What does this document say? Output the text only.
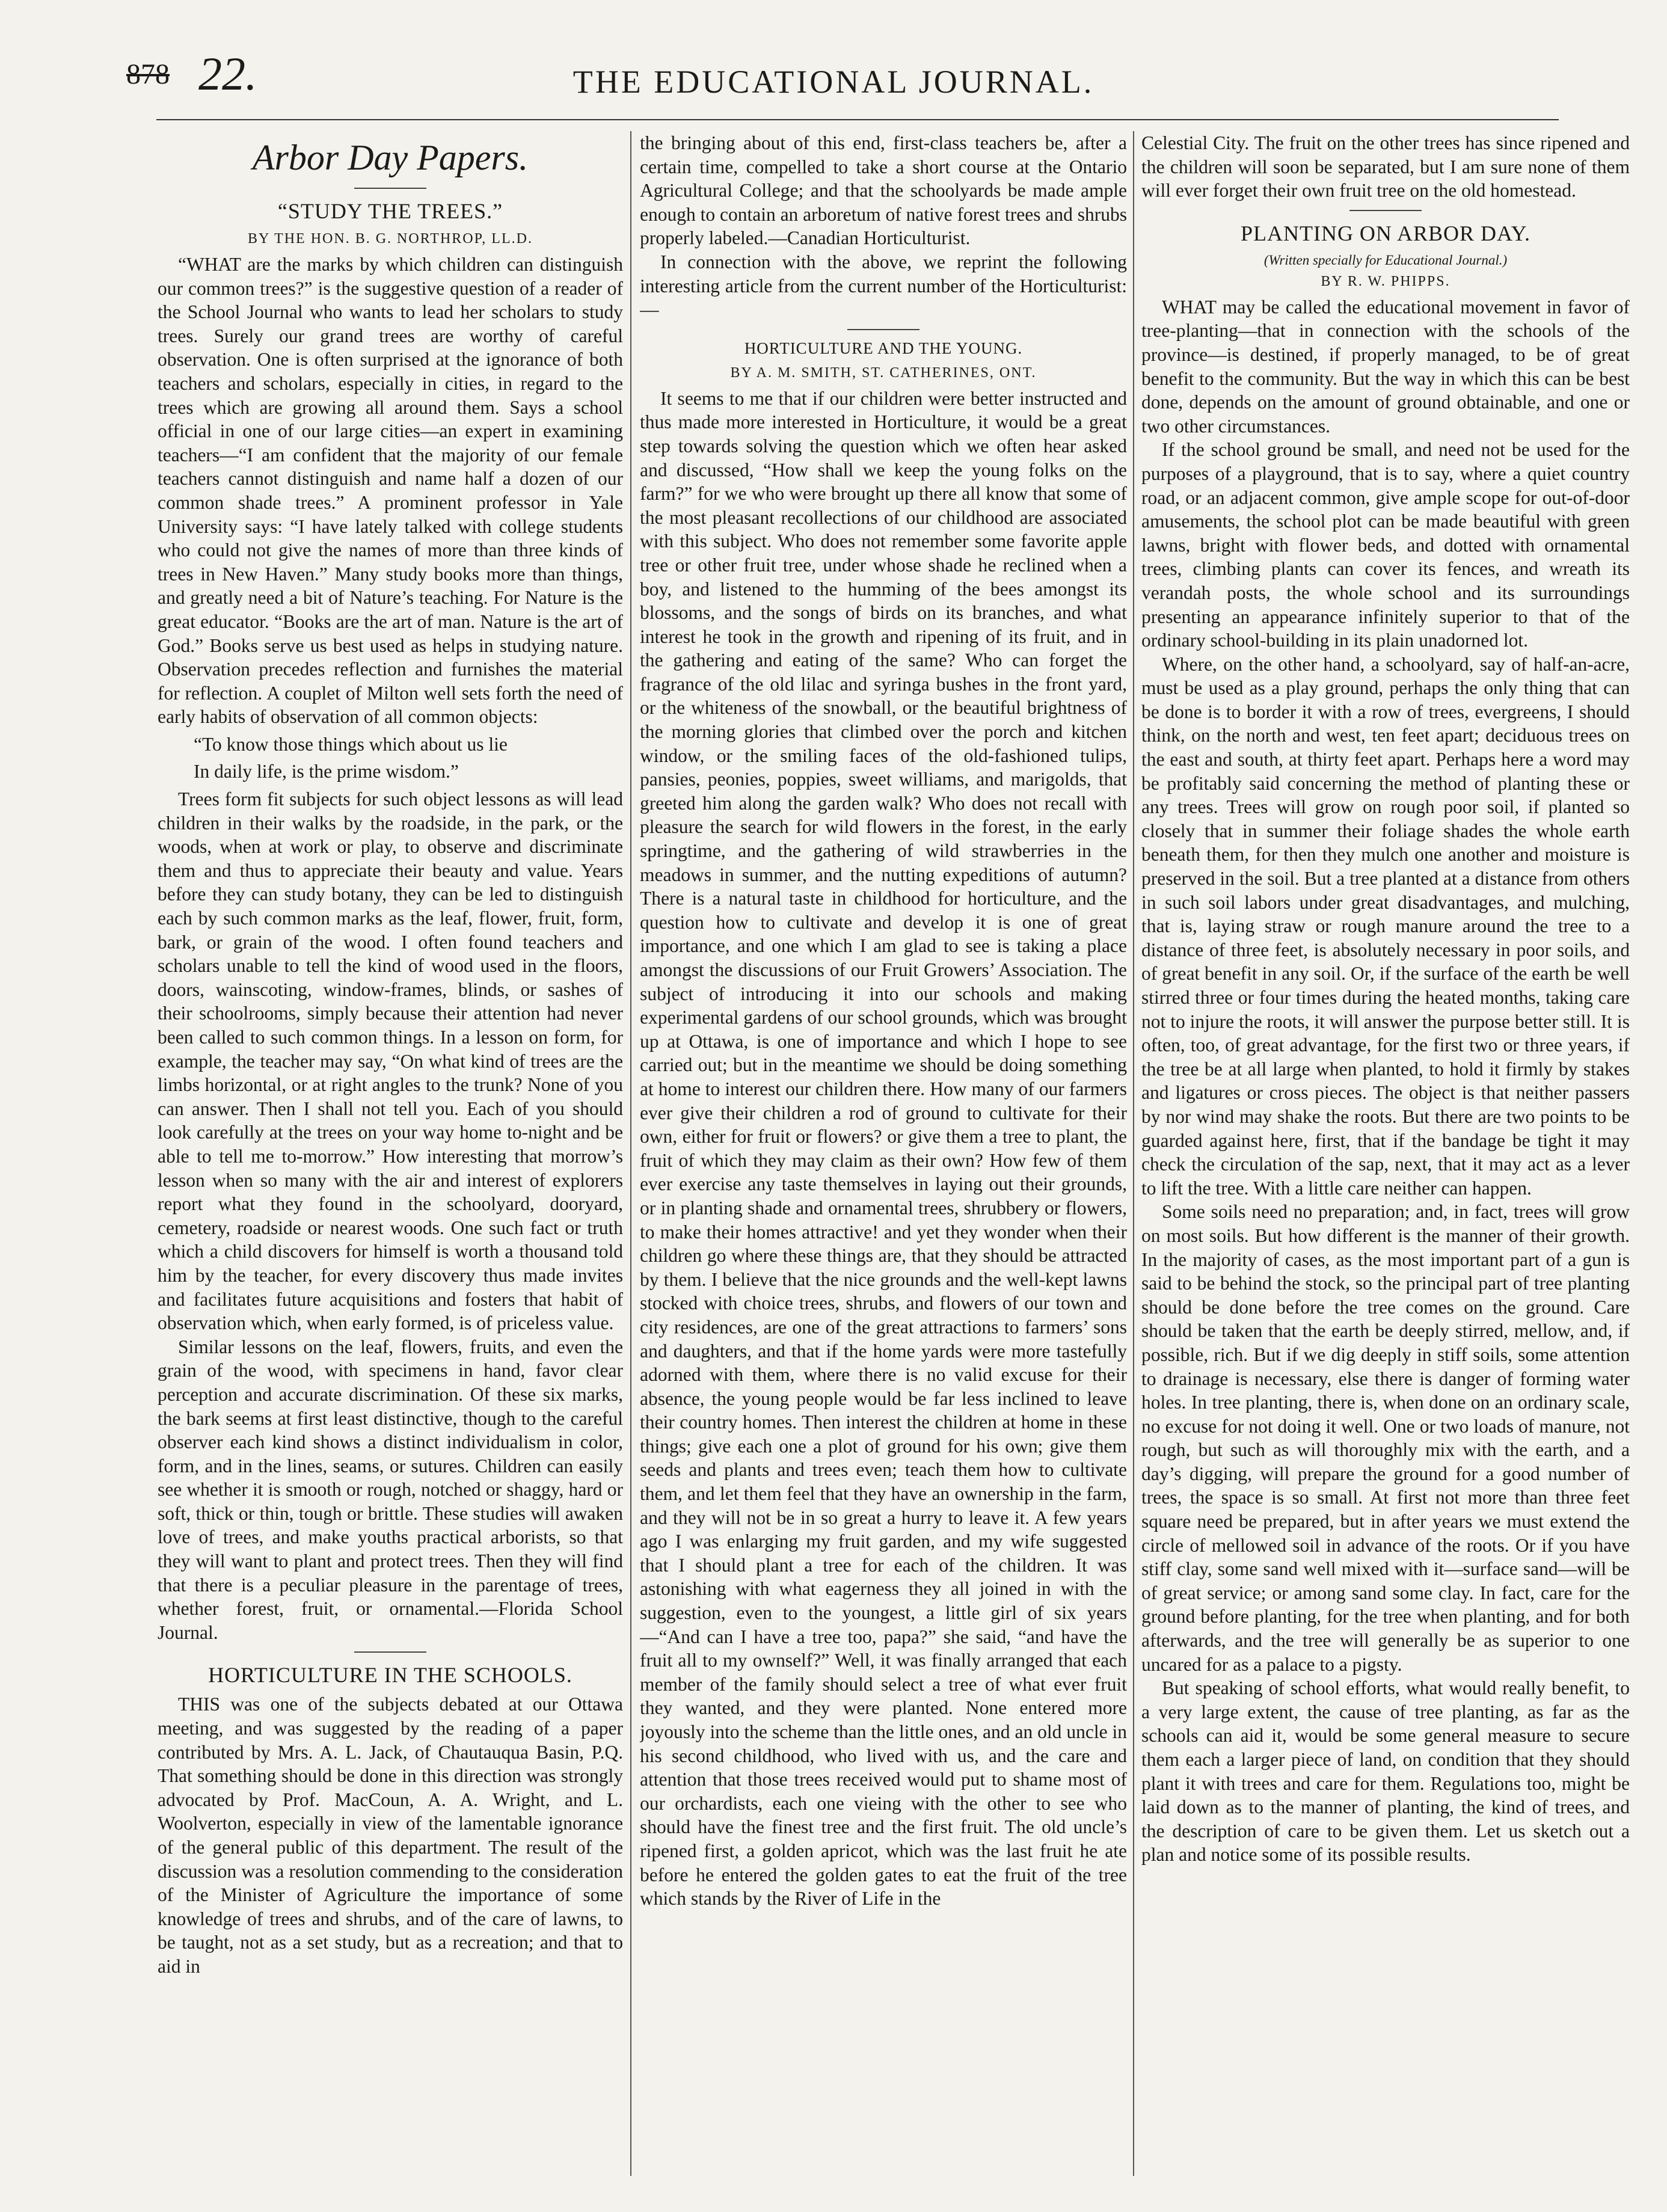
878 22.	THE EDUCATIONAL JOURNAL.
Arbor Day Papers.
“STUDY THE TREES.”
BY THE HON. B. G. NORTHROP, LL.D.

“WHAT are the marks by which children can distinguish our common trees?” is the suggestive question of a reader of the School Journal who wants to lead her scholars to study trees. Surely our grand trees are worthy of careful observation. One is often surprised at the ignorance of both teachers and scholars, especially in cities, in regard to the trees which are growing all around them. Says a school official in one of our large cities—an expert in examining teachers—“I am confident that the majority of our female teachers cannot distinguish and name half a dozen of our common shade trees.” A prominent professor in Yale University says: “I have lately talked with college students who could not give the names of more than three kinds of trees in New Haven.” Many study books more than things, and greatly need a bit of Nature’s teaching. For Nature is the great educator. “Books are the art of man. Nature is the art of God.” Books serve us best used as helps in studying nature. Observation precedes reflection and furnishes the material for reflection. A couplet of Milton well sets forth the need of early habits of observation of all common objects:

“To know those things which about us lie

In daily life, is the prime wisdom.”

Trees form fit subjects for such object lessons as will lead children in their walks by the roadside, in the park, or the woods, when at work or play, to observe and discriminate them and thus to appreciate their beauty and value. Years before they can study botany, they can be led to distinguish each by such common marks as the leaf, flower, fruit, form, bark, or grain of the wood. I often found teachers and scholars unable to tell the kind of wood used in the floors, doors, wainscoting, window-frames, blinds, or sashes of their schoolrooms, simply because their attention had never been called to such common things. In a lesson on form, for example, the teacher may say, “On what kind of trees are the limbs horizontal, or at right angles to the trunk? None of you can answer. Then I shall not tell you. Each of you should look carefully at the trees on your way home to-night and be able to tell me to-morrow.” How interesting that morrow’s lesson when so many with the air and interest of explorers report what they found in the schoolyard, dooryard, cemetery, roadside or nearest woods. One such fact or truth which a child discovers for himself is worth a thousand told him by the teacher, for every discovery thus made invites and facilitates future acquisitions and fosters that habit of observation which, when early formed, is of priceless value.

Similar lessons on the leaf, flowers, fruits, and even the grain of the wood, with specimens in hand, favor clear perception and accurate discrimination. Of these six marks, the bark seems at first least distinctive, though to the careful observer each kind shows a distinct individualism in color, form, and in the lines, seams, or sutures. Children can easily see whether it is smooth or rough, notched or shaggy, hard or soft, thick or thin, tough or brittle. These studies will awaken love of trees, and make youths practical arborists, so that they will want to plant and protect trees. Then they will find that there is a peculiar pleasure in the parentage of trees, whether forest, fruit, or ornamental.—Florida School Journal.

HORTICULTURE IN THE SCHOOLS.

THIS was one of the subjects debated at our Ottawa meeting, and was suggested by the reading of a paper contributed by Mrs. A. L. Jack, of Chautauqua Basin, P.Q. That something should be done in this direction was strongly advocated by Prof. MacCoun, A. A. Wright, and L. Woolverton, especially in view of the lamentable ignorance of the general public of this department. The result of the discussion was a resolution commending to the consideration of the Minister of Agriculture the importance of some knowledge of trees and shrubs, and of the care of lawns, to be taught, not as a set study, but as a recreation; and that to aid in

the bringing about of this end, first-class teachers be, after a certain time, compelled to take a short course at the Ontario Agricultural College; and that the schoolyards be made ample enough to contain an arboretum of native forest trees and shrubs properly labeled.—Canadian Horticulturist.

In connection with the above, we reprint the following interesting article from the current number of the Horticulturist:—

HORTICULTURE AND THE YOUNG.
BY A. M. SMITH, ST. CATHERINES, ONT.

It seems to me that if our children were better instructed and thus made more interested in Horticulture, it would be a great step towards solving the question which we often hear asked and discussed, “How shall we keep the young folks on the farm?” for we who were brought up there all know that some of the most pleasant recollections of our childhood are associated with this subject. Who does not remember some favorite apple tree or other fruit tree, under whose shade he reclined when a boy, and listened to the humming of the bees amongst its blossoms, and the songs of birds on its branches, and what interest he took in the growth and ripening of its fruit, and in the gathering and eating of the same? Who can forget the fragrance of the old lilac and syringa bushes in the front yard, or the whiteness of the snowball, or the beautiful brightness of the morning glories that climbed over the porch and kitchen window, or the smiling faces of the old-fashioned tulips, pansies, peonies, poppies, sweet williams, and marigolds, that greeted him along the garden walk? Who does not recall with pleasure the search for wild flowers in the forest, in the early springtime, and the gathering of wild strawberries in the meadows in summer, and the nutting expeditions of autumn? There is a natural taste in childhood for horticulture, and the question how to cultivate and develop it is one of great importance, and one which I am glad to see is taking a place amongst the discussions of our Fruit Growers’ Association. The subject of introducing it into our schools and making experimental gardens of our school grounds, which was brought up at Ottawa, is one of importance and which I hope to see carried out; but in the meantime we should be doing something at home to interest our children there. How many of our farmers ever give their children a rod of ground to cultivate for their own, either for fruit or flowers? or give them a tree to plant, the fruit of which they may claim as their own? How few of them ever exercise any taste themselves in laying out their grounds, or in planting shade and ornamental trees, shrubbery or flowers, to make their homes attractive! and yet they wonder when their children go where these things are, that they should be attracted by them. I believe that the nice grounds and the well-kept lawns stocked with choice trees, shrubs, and flowers of our town and city residences, are one of the great attractions to farmers’ sons and daughters, and that if the home yards were more tastefully adorned with them, where there is no valid excuse for their absence, the young people would be far less inclined to leave their country homes. Then interest the children at home in these things; give each one a plot of ground for his own; give them seeds and plants and trees even; teach them how to cultivate them, and let them feel that they have an ownership in the farm, and they will not be in so great a hurry to leave it. A few years ago I was enlarging my fruit garden, and my wife suggested that I should plant a tree for each of the children. It was astonishing with what eagerness they all joined in with the suggestion, even to the youngest, a little girl of six years—“And can I have a tree too, papa?” she said, “and have the fruit all to my ownself?” Well, it was finally arranged that each member of the family should select a tree of what ever fruit they wanted, and they were planted. None entered more joyously into the scheme than the little ones, and an old uncle in his second childhood, who lived with us, and the care and attention that those trees received would put to shame most of our orchardists, each one vieing with the other to see who should have the finest tree and the first fruit. The old uncle’s ripened first, a golden apricot, which was the last fruit he ate before he entered the golden gates to eat the fruit of the tree which stands by the River of Life in the

Celestial City. The fruit on the other trees has since ripened and the children will soon be separated, but I am sure none of them will ever forget their own fruit tree on the old homestead.

PLANTING ON ARBOR DAY.
(Written specially for Educational Journal.)
BY R. W. PHIPPS.

WHAT may be called the educational movement in favor of tree-planting—that in connection with the schools of the province—is destined, if properly managed, to be of great benefit to the community. But the way in which this can be best done, depends on the amount of ground obtainable, and one or two other circumstances.

If the school ground be small, and need not be used for the purposes of a playground, that is to say, where a quiet country road, or an adjacent common, give ample scope for out-of-door amusements, the school plot can be made beautiful with green lawns, bright with flower beds, and dotted with ornamental trees, climbing plants can cover its fences, and wreath its verandah posts, the whole school and its surroundings presenting an appearance infinitely superior to that of the ordinary school-building in its plain unadorned lot.

Where, on the other hand, a schoolyard, say of half-an-acre, must be used as a play ground, perhaps the only thing that can be done is to border it with a row of trees, evergreens, I should think, on the north and west, ten feet apart; deciduous trees on the east and south, at thirty feet apart. Perhaps here a word may be profitably said concerning the method of planting these or any trees. Trees will grow on rough poor soil, if planted so closely that in summer their foliage shades the whole earth beneath them, for then they mulch one another and moisture is preserved in the soil. But a tree planted at a distance from others in such soil labors under great disadvantages, and mulching, that is, laying straw or rough manure around the tree to a distance of three feet, is absolutely necessary in poor soils, and of great benefit in any soil. Or, if the surface of the earth be well stirred three or four times during the heated months, taking care not to injure the roots, it will answer the purpose better still. It is often, too, of great advantage, for the first two or three years, if the tree be at all large when planted, to hold it firmly by stakes and ligatures or cross pieces. The object is that neither passers by nor wind may shake the roots. But there are two points to be guarded against here, first, that if the bandage be tight it may check the circulation of the sap, next, that it may act as a lever to lift the tree. With a little care neither can happen.

Some soils need no preparation; and, in fact, trees will grow on most soils. But how different is the manner of their growth. In the majority of cases, as the most important part of a gun is said to be behind the stock, so the principal part of tree planting should be done before the tree comes on the ground. Care should be taken that the earth be deeply stirred, mellow, and, if possible, rich. But if we dig deeply in stiff soils, some attention to drainage is necessary, else there is danger of forming water holes. In tree planting, there is, when done on an ordinary scale, no excuse for not doing it well. One or two loads of manure, not rough, but such as will thoroughly mix with the earth, and a day’s digging, will prepare the ground for a good number of trees, the space is so small. At first not more than three feet square need be prepared, but in after years we must extend the circle of mellowed soil in advance of the roots. Or if you have stiff clay, some sand well mixed with it—surface sand—will be of great service; or among sand some clay. In fact, care for the ground before planting, for the tree when planting, and for both afterwards, and the tree will generally be as superior to one uncared for as a palace to a pigsty.

But speaking of school efforts, what would really benefit, to a very large extent, the cause of tree planting, as far as the schools can aid it, would be some general measure to secure them each a larger piece of land, on condition that they should plant it with trees and care for them. Regulations too, might be laid down as to the manner of planting, the kind of trees, and the description of care to be given them. Let us sketch out a plan and notice some of its possible results.
